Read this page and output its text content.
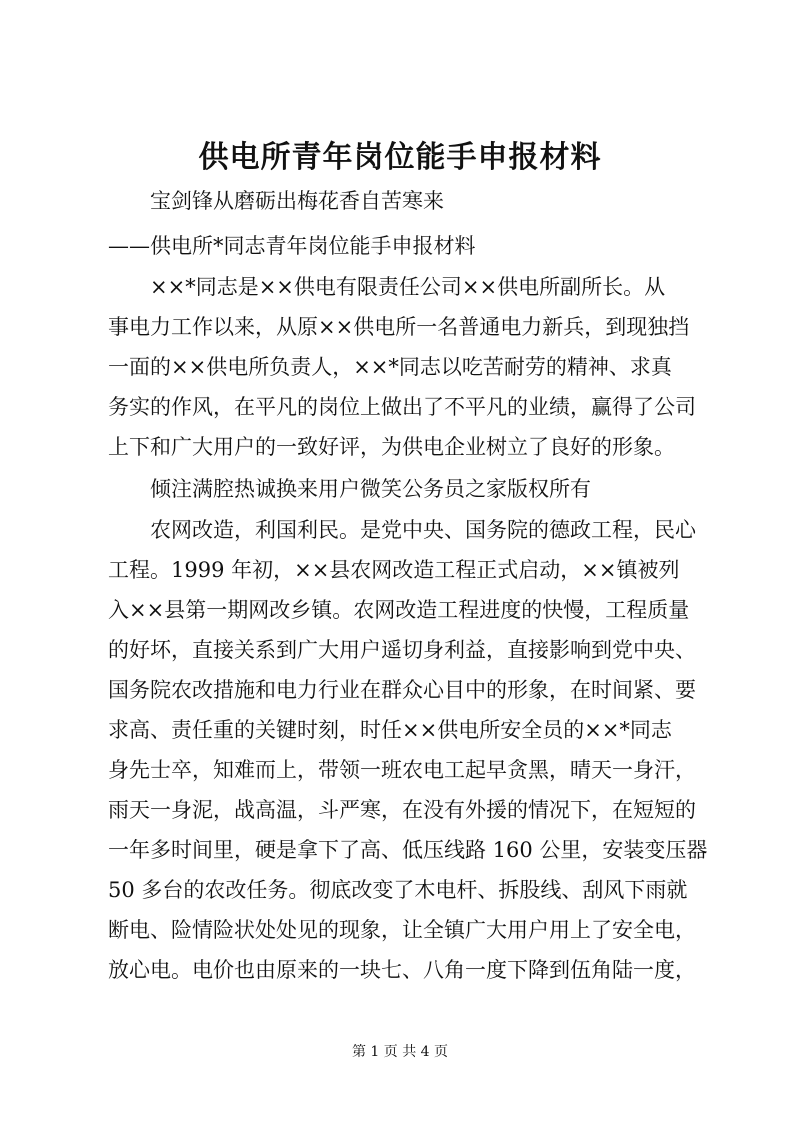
供电所青年岗位能手申报材料
宝剑锋从磨砺出梅花香自苦寒来
——供电所*同志青年岗位能手申报材料
××*同志是××供电有限责任公司××供电所副所长。从
事电力工作以来，从原××供电所一名普通电力新兵，到现独挡
一面的××供电所负责人，××*同志以吃苦耐劳的精神、求真
务实的作风，在平凡的岗位上做出了不平凡的业绩，赢得了公司
上下和广大用户的一致好评，为供电企业树立了良好的形象。
倾注满腔热诚换来用户微笑公务员之家版权所有
农网改造，利国利民。是党中央、国务院的德政工程，民心
工程。1999 年初，××县农网改造工程正式启动，××镇被列
入××县第一期网改乡镇。农网改造工程进度的快慢，工程质量
的好坏，直接关系到广大用户遥切身利益，直接影响到党中央、
国务院农改措施和电力行业在群众心目中的形象，在时间紧、要
求高、责任重的关键时刻，时任××供电所安全员的××*同志
身先士卒，知难而上，带领一班农电工起早贪黑，晴天一身汗，
雨天一身泥，战高温，斗严寒，在没有外援的情况下，在短短的
一年多时间里，硬是拿下了高、低压线路 160 公里，安装变压器
50 多台的农改任务。彻底改变了木电杆、拆股线、刮风下雨就
断电、险情险状处处见的现象，让全镇广大用户用上了安全电，
放心电。电价也由原来的一块七、八角一度下降到伍角陆一度，
第 1 页 共 4 页
